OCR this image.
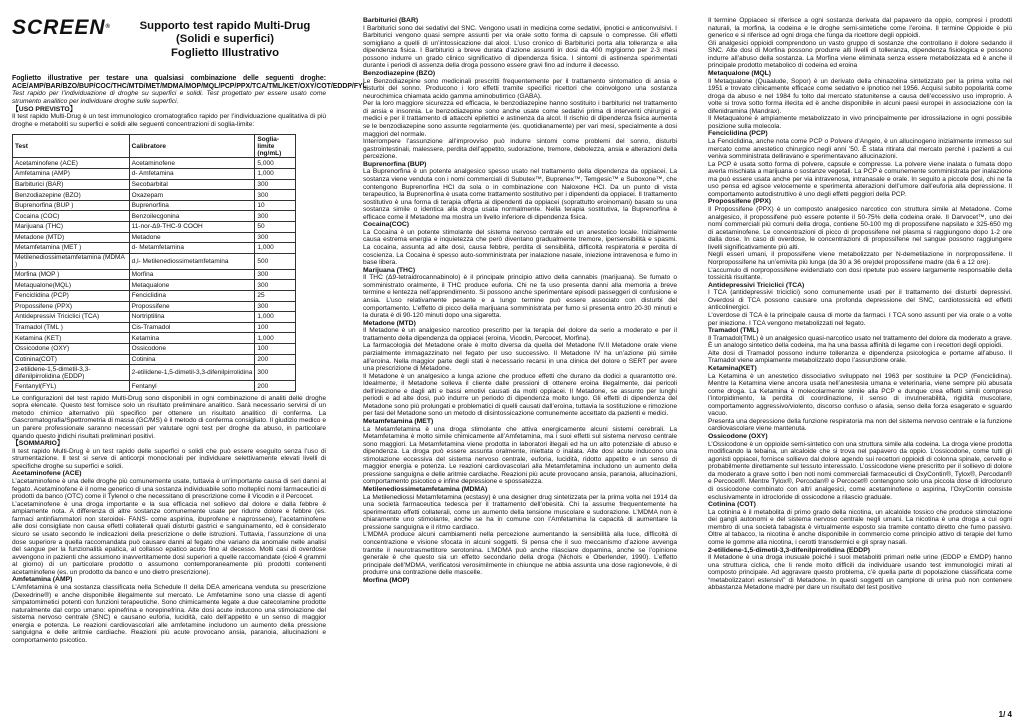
SCREEN®	Supporto test rapido Multi-Drug
(Solidi e superfici)
Foglietto Illustrativo
Foglietto illustrative per testare una qualsiasi combinazione delle seguenti droghe: ACE/AMP/BAR/BZO/BUP/COC/THC/MTD/MET/MDMA/MOP/MQL/PCP/PPX/TCA/TML/KET/OXY/COT/EDDP/FYL

Test rapido per l’individuazione di droghe su superfici e solidi. Test progettato per essere usato come strumento analitico per individuare droghe sulle superfici.

【USO PREVISTO】

Il test rapido Multi-Drug è un test immunologico cromatografico rapido per l’individuazione qualitativa di più droghe e metaboliti su superfici e solidi alle seguenti concentrazioni di soglia-limite:

Test	Calibratore	Soglia-limite (ng/mL)
Acetaminofene (ACE)	Acetaminofene	5,000
Amfetamina (AMP)	d- Amfetamina	1,000
Barbiturici (BAR)	Secobarbital	300
Benzodiazepine (BZO)	Oxazepam	300
Buprenorfina (BUP )	Buprenorfina	10
Cocaina (COC)	Benzoilecgonina	300
Marijuana (THC)	11-nor-Δ9-THC-9 COOH	50
Metadone (MTD)	Metadone	300
Metamfetamina (MET )	d- Metamfetamina	1,000
Metilenediossimetamfetamina (MDMA )	d,l- Metilenediossimetamfetamina	500
Morfina (MOP )	Morfina	300
Metaqualone(MQL)	Metaqualone	300
Fenciclidina (PCP)	Fenciclidina	25
Propossifene (PPX)	Propossifene	300
Antidepressivi Triciclici (TCA)	Nortriptilina	1,000
Tramadol (TML )	Cis-Tramadol	100
Ketamina (KET)	Ketamina	1,000
Ossicodone (OXY)	Ossicodone	100
Cotinina(COT)	Cotinina	200
2-etilidene-1,5-dimetil-3,3-difenilpirrolidina (EDDP)	2-etilidene-1,5-dimetil-3,3-difenilpirrolidina	300
Fentanyl(FYL)	Fentanyl	200

Le configurazioni del test rapido Multi-Drug sono disponibili in ogni combinazione di analiti delle droghe sopra elencate. Questo test fornisce solo un risultato preliminare analitico. Sarà necessario servirsi di un metodo chimico alternativo più specifico per ottenere un risultato analitico di conferma. La Gascromatografia/Spettrometria di massa (GC/MS) è il metodo di conferma consigliato. Il giudizio medico e un parere professionale saranno necessari per valutare ogni test per droghe da abuso, in particolare quando questo indichi risultati preliminari positivi.

【SOMMARIO】

Il test rapido Multi-Drug è un test rapido delle superfici o solidi che può essere eseguito senza l’uso di strumentazione. Il test si serve di anticorpi monoclonali per individuare selettivamente elevati livelli di specifiche droghe su superfici e solidi.

Acetaminofene (ACE)

L’acetaminofene è una delle droghe più comunemente usate, tuttavia è un’importante causa di seri danni al fegato. Acetaminofene è il nome generico di una sostanza individuabile sotto molteplici nomi farmaceutici di prodotti da banco (OTC) come il Tylenol o che necessitano di prescrizione come il Vicodin e il Percocet.

L’acetaminofene è una droga importante e la sua efficacia nel sollievo dal dolore e dalla febbre è ampiamente nota. A differenza di altre sostanze comunemente usate per ridurre dolore e febbre (es. farmaci antinfiammatori non steroidei- FANS- come aspirina, ibuprofene e naprossene), l’acetaminofene alle dosi consigliate non causa effetti collaterali quali disturbi gastrici e sanguinamento, ed è considerato sicuro se usato secondo le indicazioni della prescrizione o delle istruzioni. Tuttavia, l’assunzione di una dose superiore a quella raccomandata può causare danni al fegato che variano da anomalie nelle analisi del sangue per la funzionalità epatica, al collasso epatico acuto fino al decesso. Molti casi di overdose avvengono in pazienti che assumono inavvertitamente dosi superiori a quelle raccomandate (cioè 4 grammi al giorno) di un particolare prodotto o assumono contemporaneamente più prodotti contenenti acetaminofene (es. un prodotto da banco e uno dietro prescrizione).

Amfetamina (AMP)

L’Amfetamina è una sostanza classificata nella Schedule II della DEA americana venduta su prescrizione (Dexedrine®) e anche disponibile illegalmente sul mercato. Le Amfetamine sono una classe di agenti simpatomimetici potenti con funzioni terapeutiche. Sono chimicamente legate a due catecolamine prodotte naturalmente dal corpo umano: epinefrina e norepinefrina. Alte dosi acute inducono una stimolazione del sistema nervoso centrale (SNC) e causano euforia, lucidità, calo dell’appetito e un senso di maggior energia e potenza. Le reazioni cardiovascolari alle amfetamine includono un aumento della pressione sanguigna e delle aritmie cardiache. Reazioni più acute provocano ansia, paranoia, allucinazioni e comportamento psicotico.

Barbiturici (BAR)

I Barbiturici sono dei sedativi del SNC. Vengono usati in medicina come sedativi, ipnotici e anticonvulsivi. I Barbiturici vengono quasi sempre assunti per via orale sotto forma di capsule o compresse. Gli effetti somigliano a quelli di un’intossicazione dal alcol. L’uso cronico di Barbiturici porta alla tolleranza e alla dipendenza fisica. I Barbiturici a breve durata d’azione assunti in dosi da 400 mg/giorno per 2-3 mesi possono indurre un grado clinico significativo di dipendenza fisica. I sintomi di astinenza sperimentati durante i periodi di assenza della droga possono essere gravi fino ad indurre il decesso.

Benzodiazepine (BZO)

Le Benzodiazepine sono medicinali prescritti frequentemente per il trattamento sintomatico di ansia e disturbi del sonno. Producono i loro effetti tramite specifici ricettori che coinvolgono una sostanza neurochimica chiamata acido gamma aminobutirrico (GABA).

Per la loro maggiore sicurezza ed efficacia, le benzodiazepine hanno sostituito i barbiturici nel trattamento di ansia e insonnia. Le benzodiazepine sono anche usate come sedativi prima di interventi chirurgici e medici e per il trattamento di attacchi epilettici e astinenza da alcol. Il rischio di dipendenza fisica aumenta se le benzodiazepine sono assunte regolarmente (es. quotidianamente) per vari mesi, specialmente a dosi maggiori del normale.

Interrompere l’assunzione all’improvviso può indurre sintomi come problemi del sonno, disturbi gastrointestinali, malessere, perdita dell’appetito, sudorazione, tremore, debolezza, ansia e alterazioni della percezione.

Buprenorfina (BUP)

La Buprenorfina è un potente analgesico spesso usato nel trattamento della dipendenza da oppiacei. La sostanza viene venduta con i nomi commerciali di Subutex™, Buprenex™, Temgesic™ e Suboxone™, che contengono Buprenorfina HCl da sola o in combinazione con Naloxone HCl. Da un punto di vista terapeutico, la Buprenorfina è usata come trattamento sostitutivo per i dipendenti da oppiacei. Il trattamento sostitutivo è una forma di terapia offerta ai dipendenti da oppiacei (soprattutto eroinomani) basato su una sostanza simile o identica alla droga usata normalmente. Nella terapia sostitutiva, la Buprenorfina è efficace come il Metadone ma mostra un livello inferiore di dipendenza fisica.

Cocaina(COC)

La Cocaina è un potente stimolante del sistema nervoso centrale ed un anestetico locale. Inizialmente causa estrema energia e inquietezza che però diventano gradualmente tremore, ipersensibilità e spasmi. La cocaina, assunta ad alte dosi, causa febbre, perdita di sensibilità, difficoltà respiratoria e perdita di coscienza. La Cocaina è spesso auto-somministrata per inalazione nasale, iniezione intravenosa e fumo in base libera.

Marijuana (THC)

Il THC (Δ9-tetraidrocannabinolo) è il principale principio attivo della cannabis (marijuana). Se fumato o somministrato oralmente, il THC produce euforia. Chi ne fa uso presenta danni alla memoria a breve termine e lentezza nell’apprendimento. Si possono anche sperimentare episodi passeggeri di confusione e ansia. L’uso relativamente pesante e a lungo termine può essere associato con disturbi del comportamento. L’effetto di picco della marijuana somministrata per fumo si presenta entro 20-30 minuti e la durata è di 90-120 minuti dopo una sigaretta.

Metadone (MTD)

Il Metadone è un analgesico narcotico prescritto per la terapia del dolore da serio a moderato e per il trattamento della dipendenza da oppiacei (eroina, Vicodin, Percocet, Morfina).

La farmacologia del Metadone orale è molto diversa da quella del Metadone IV.Il Metadone orale viene parzialmente immagazzinato nel fegato per uso successivo. Il Metadone IV ha un’azione più simile all’eroina. Nella maggior parte degli stati è necessario recarsi in una clinica del dolore o SERT per avere una prescrizione di Metadone.

Il Metadone è un analgesico a lunga azione che produce effetti che durano da dodici a quarantotto ore. Idealmente, il Metadone solleva il cliente dalle pressioni di ottenere eroina illegalmente, dai pericoli dell’iniezione e dagli alti e bassi emotivi causati da molti oppiacei. Il Metadone, se assunto per lunghi periodi e ad alte dosi, può indurre un periodo di dipendenza molto lungo. Gli effetti di dipendenza del Metadone sono più prolungati e problematici di quelli causati dall’eroina, tuttavia la sostituzione e rimozione per fasi del Metadone sono un metodo di disintossicazione comunemente accettato da pazienti e medici.

Metamfetamina (MET)

La Metamfetamina è una droga stimolante che attiva energicamente alcuni sistemi cerebrali. La Metamfetamina è molto simile chimicamente all’Amfetamina, ma i suoi effetti sul sistema nervoso centrale sono maggiori. La Metamfetamina viene prodotta in laboratori illegali ed ha un alto potenziale di abuso e dipendenza. La droga può essere assunta oralmente, iniettata o inalata. Alte dosi acute inducono una stimolazione eccessiva del sistema nervoso centrale, euforia, lucidità, ridotto appetito e un senso di maggior energia e potenza. Le reazioni cardiovascolari alla Metamfetamina includono un aumento della pressione sanguigna e delle aritmie cardiache. Reazioni più acute provocano ansia, paranoia, allucinazioni, comportamento psicotico e infine depressione e spossatezza.

Metilenediossimetamfetamina (MDMA)

La Metilenediossi Metamfetamina (ecstasy) è una designer drug sintetizzata per la prima volta nel 1914 da una società farmaceutica tedesca per il trattamento dell’obesità. Chi la assume frequentemente ha sperimentato effetti collaterali, come un aumento della tensione muscolare e sudorazione. L’MDMA non è chiaramente uno stimolante, anche se ha in comune con l’Amfetamina la capacità di aumentare la pressione sanguigna e il ritmo cardiaco.

L’MDMA produce alcuni cambiamenti nella percezione aumentando la sensibilità alla luce, difficoltà di concentrazione e visione sfocata in alcuni soggetti. Si pensa che il suo meccanismo d’azione avvenga tramite il neurotrasmettitore serotonina. L’MDMA può anche rilasciare dopamina, anche se l’opinione generale è che questo sia un effetto secondario della droga (Nichols e Oberlender, 1990). L’effetto principale dell’MDMA, verificatosi verosimilmente in chiunque ne abbia assunta una dose ragionevole, è di produrre una contrazione delle mascelle.

Morfina (MOP)

Il termine Oppiaceo si riferisce a ogni sostanza derivata dal papavero da oppio, compresi i prodotti naturali, la morfina, la codeina e le droghe semi-sintetiche come l’eroina. Il termine Oppioide è più generico e si riferisce ad ogni droga che funga da ricettore degli oppioidi.

Gli analgesici oppioidi comprendono un vasto gruppo di sostanze che controllano il dolore sedando il SNC. Alte dosi di Morfina possono produrre alti livelli di tolleranza, dipendenza fisiologica e possono indurre all’abuso della sostanza. La Morfina viene eliminata senza essere metabolizzata ed è anche il principale prodotto metabolico di codeina ed eroina

Metaqualone (MQL)

Il Metaqualone (Quaalude, Sopor) è un derivato della chinazolina sintetizzato per la prima volta nel 1951 e trovato clinicamente efficace come sedativo e ipnotico nel 1956. Acquisì subito popolarità come droga da abuso e nel 1984 fu tolto dal mercato statunitense a causa dell’eccessivo uso improprio. A volte si trova sotto forma illecita ed è anche disponibile in alcuni paesi europei in associazione con la difenidramina (Mandrax).

Il Metaqualone è ampiamente metabolizzato in vivo principalmente per idrossilazione in ogni possibile posizione sulla molecola.

Fenciclidina (PCP)

La Fenciclidina, anche nota come PCP o Polvere d’Angelo, è un allucinogeno inizialmente immesso sul mercato come anestetico chirurgico negli anni ’50. È stata ritirata dal mercato perché i pazienti a cui veniva somministrata delliravano e sperimentavano allucinazioni.

La PCP è usata sotto forma di polvere, capsule e compresse. La polvere viene inalata o fumata dopo averla mischiata a marijuana o sostanze vegetali. La PCP è comunemente somministrata per inalazione ma può essere usata anche per via intravenosa, intranasale e orale. In seguito a piccole dosi, chi ne fa uso pensa ed agisce velocemente e sperimenta alterazioni dell’umore dall’euforia alla depressione. Il comportamento autodistruttivo è uno degli effetti peggiori della PCP.

Propossifene (PPX)

Il Propossifene (PPX) è un composto analgesico narcotico con struttura simile al Metadone. Come analgesico, il propossifene può essere potente il 50-75% della codeina orale. Il Darvocet™, uno dei nomi commerciali più comuni della droga, contiene 50-100 mg di propossifene napsilato e 325-650 mg di acetaminofene. Le concentrazioni di picco di propossifene nel plasma si raggiungono dopo 1-2 ore dalla dose. In caso di overdose, le concentrazioni di propossifene nel sangue possono raggiungere livelli significativamente più alti.

Negli esseri umani, il propossifene viene metabolizzato per N-demetilazione in norpropossifene. Il Norpropossifene ha un’emivita più lunga (da 30 a 36 ore)del propossifene madre (da 6 a 12 ore).

L’accumulo di norpropossifene evidenziato con dosi ripetute può essere largamente responsabile della tossicità risultante.

Antidepressivi Triciclici (TCA)

I TCA (antidepressivi triciclici) sono comunemente usati per il trattamento dei disturbi depressivi. Overdosi di TCA possono causare una profonda depressione del SNC, cardiotossicità ed effetti anticolinergici.

L’overdose di TCA è la principale causa di morte da farmaci. I TCA sono assunti per via orale o a volte per iniezione. I TCA vengono metabolizzati nel fegato.

Tramadol (TML)

Il Tramadol(TML) è un analgesico quasi-narcotico usato nel trattamento del dolore da moderato a grave. È un analogo sintetico della codeina, ma ha una bassa affinità di legame con i recettori degli oppioidi.

Alte dosi di Tramadol possono indurre tolleranza e dipendenza psicologica e portarne all’abuso. Il Tramadol viene ampiamente metabolizzato dopo l’assunzione orale.

Ketamina(KET)

La Ketamina è un anestetico dissociativo sviluppato nel 1963 per sostituire la PCP (Fenciclidina). Mentre la Ketamina viene ancora usata nell’anestesia umana e veterinaria, viene sempre più abusata come droga. La Ketamina è molecolarmente simile alla PCP e dunque crea effetti simili compreso l’intorpidimento, la perdita di coordinazione, il senso di invulnerabilità, rigidità muscolare, comportamento aggressivo/violento, discorso confuso o afasia, senso della forza esagerato e sguardo vacuo.

Presenta una depressione della funzione respiratoria ma non del sistema nervoso centrale e la funzione cardiovascolare viene mantenuta.

Ossicodone (OXY)

L’Ossicodone è un oppioide semi-sintetico con una struttura simile alla codeina. La droga viene prodotta modificando la tebaina, un alcaloide che si trova nel papavero da oppio. L’ossicodone, come tutti gli agonisti oppiacei, fornisce sollievo dal dolore agendo sui recettori oppioidi di colonna spinale, cervello e probabilmente direttamente sul tessuto interessato. L’ossicodone viene prescritto per il sollievo di dolore da moderato a grave sotto i ben noti nomi commerciali farmaceutici di OxyContin®, Tylox®, Percodan® e Percocet®. Mentre Tylox®, Percodan® e Percocet® contengono solo una piccola dose di idrocloruro di ossicodone combinato con altri analgesici, come acetaminofene o aspirina, l’OxyContin consiste esclusivamente in idrocloride di ossicodone a rilascio graduale.

Cotinina (COT)

La cotinina è il metabolita di primo grado della nicotina, un alcaloide tossico che produce stimolazione dei gangli autonomi e del sistema nervoso centrale negli umani. La nicotina è una droga a cui ogni membro di una società tabagista è virtualmente esposto sia tramite contatto diretto che fumo passivo. Oltre al tabacco, la nicotina è anche disponibile in commercio come principio attivo di terapie del fumo come le gomme alla nicotina, i cerotti transdermici e gli spray nasali.

2-etilidene-1,5-dimetil-3,3-difenilpirrolidina (EDDP)

Il Metadone è una droga inusuale poiché i suoi metaboliti primari nelle urine (EDDP e EMDP) hanno una struttura ciclica, che li rende molto difficili da individuare usando test immunologici mirati al composto principale. Ad aggravare questo problema, c’è quella parte di popolazione classificata come “metabolizzatori estensivi” di Metadone. In questi soggetti un campione di urina può non contenere abbastanza Metadone madre per dare un risultato del test positivo

1/ 4
